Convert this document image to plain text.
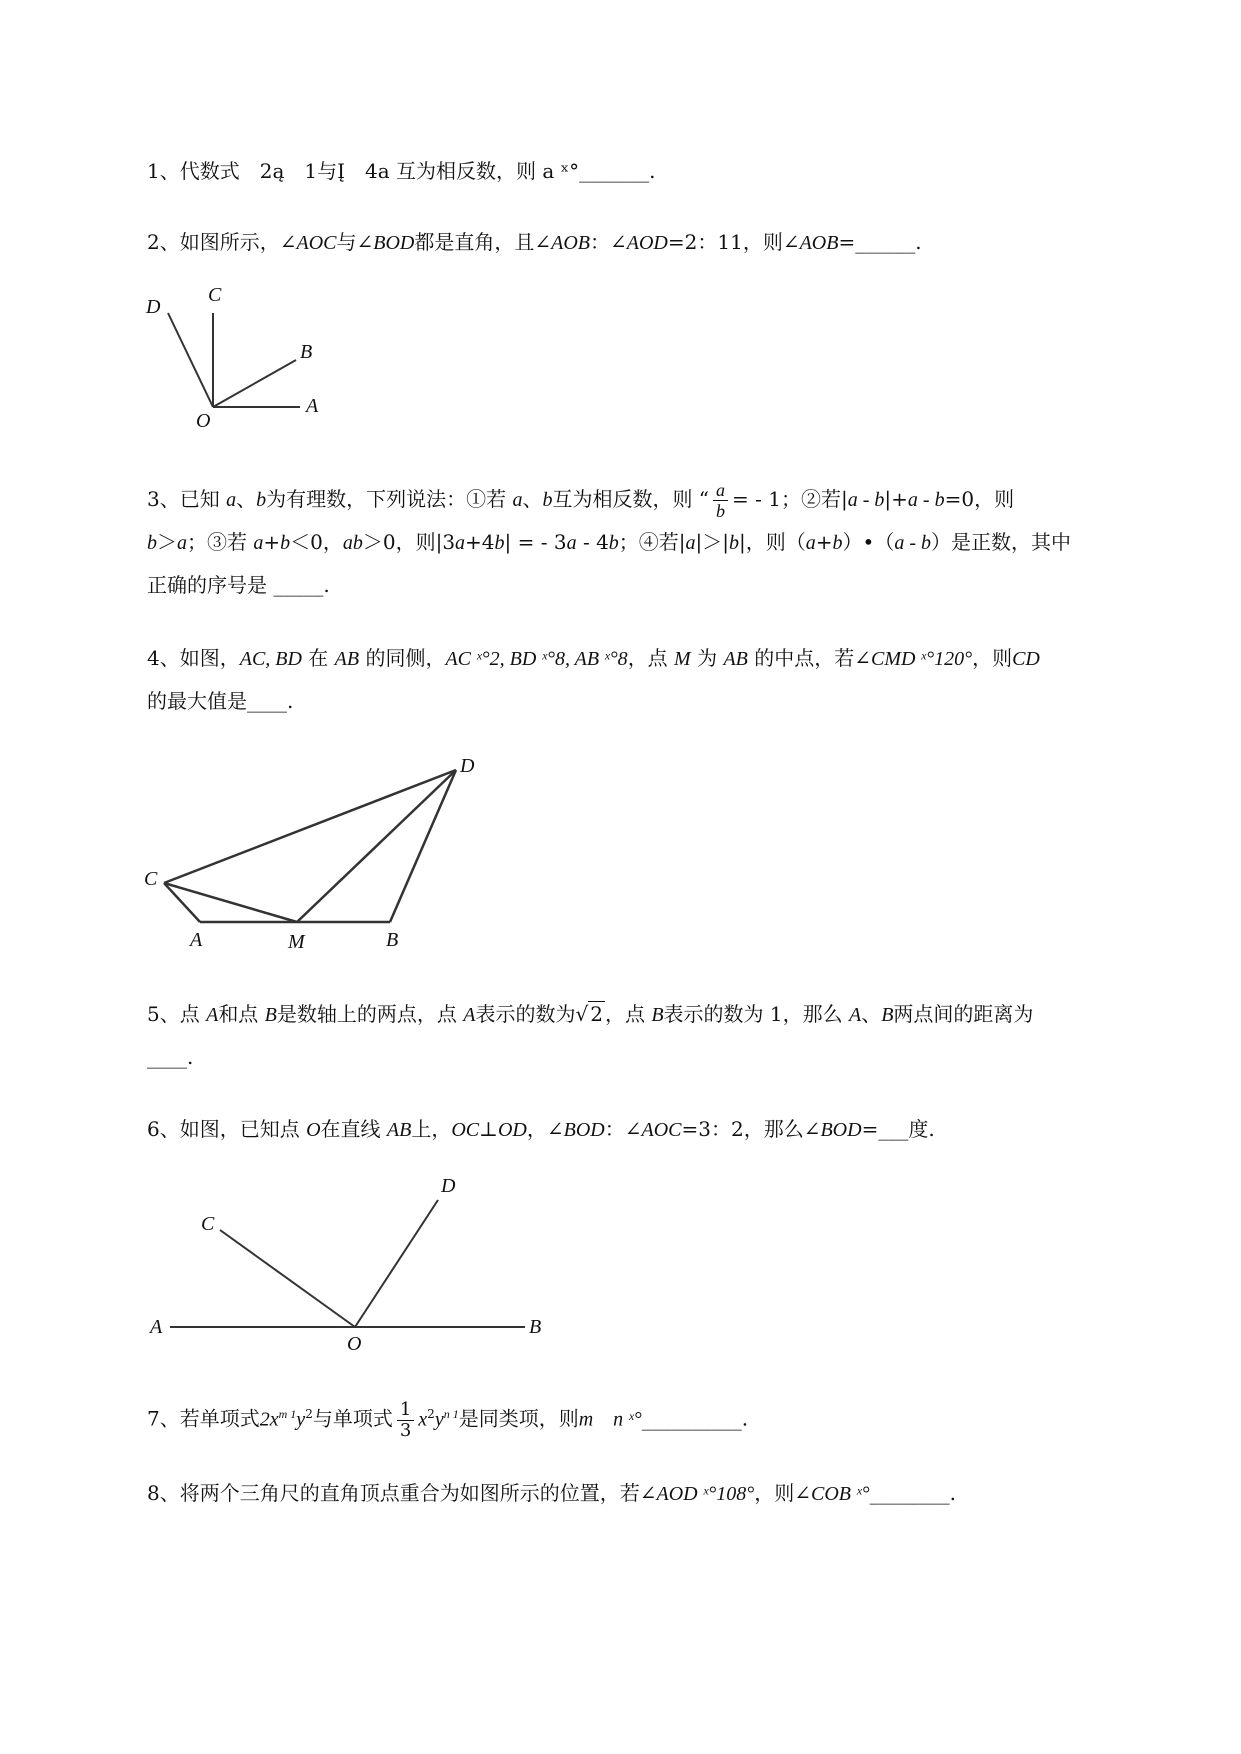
1、代数式　2ą　1与Į　4a 互为相反数，则 a ˣ°_______.
2、如图所示，∠AOC与∠BOD都是直角，且∠AOB：∠AOD=2：11，则∠AOB=______.
D
C
B
O
A
3、已知 a、b为有理数，下列说法：①若 a、b互为相反数，则 “ $\frac{a}{b}$ = - 1；②若|a - b|+a - b=0，则
b＞a；③若 a+b＜0，ab＞0，则|3a+4b| = - 3a - 4b；④若|a|＞|b|，则（a+b）•（a - b）是正数，其中
正确的序号是 _____.
4、如图，AC, BD 在 AB 的同侧，AC ˣ°2, BD ˣ°8, AB ˣ°8，点 M 为 AB 的中点，若∠CMD ˣ°120°，则CD
的最大值是____.
D
C
A	M	B
5、点 A和点 B是数轴上的两点，点 A表示的数为√ 2 ，点 B表示的数为 1，那么 A、B两点间的距离为
____.
6、如图，已知点 O在直线 AB上，OC⊥OD，∠BOD：∠AOC=3：2，那么∠BOD=___度.
C
D
A
O
B
7、若单项式$2x^{m 1}y^2$与单项式 $\frac{1}{3} x^2y^{n 1}$是同类项，则m　n ˣ°__________.
8、将两个三角尺的直角顶点重合为如图所示的位置，若∠AOD ˣ°108°，则∠COB ˣ°________.
